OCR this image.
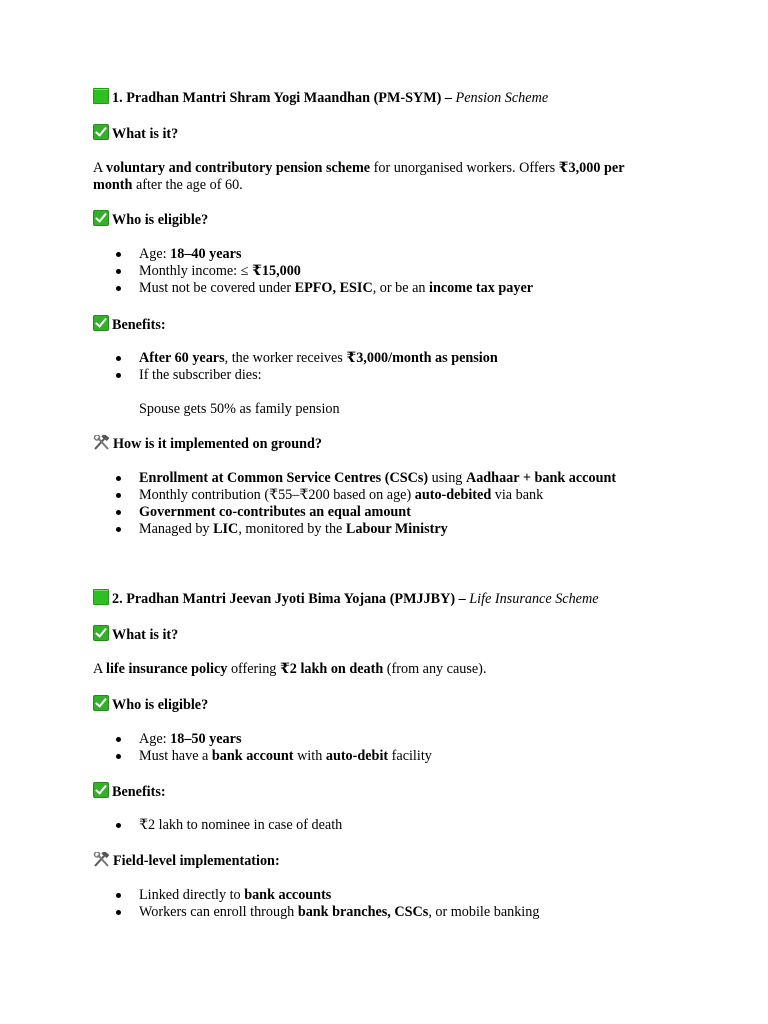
1. Pradhan Mantri Shram Yogi Maandhan (PM-SYM) – Pension Scheme
What is it?
A voluntary and contributory pension scheme for unorganised workers. Offers ₹3,000 per
month after the age of 60.
Who is eligible?
Age: 18–40 years
Monthly income: ≤ ₹15,000
Must not be covered under EPFO, ESIC, or be an income tax payer
Benefits:
After 60 years, the worker receives ₹3,000/month as pension
If the subscriber dies:
Spouse gets 50% as family pension
How is it implemented on ground?
Enrollment at Common Service Centres (CSCs) using Aadhaar + bank account
Monthly contribution (₹55–₹200 based on age) auto-debited via bank
Government co-contributes an equal amount
Managed by LIC, monitored by the Labour Ministry
2. Pradhan Mantri Jeevan Jyoti Bima Yojana (PMJJBY) – Life Insurance Scheme
What is it?
A life insurance policy offering ₹2 lakh on death (from any cause).
Who is eligible?
Age: 18–50 years
Must have a bank account with auto-debit facility
Benefits:
₹2 lakh to nominee in case of death
Field-level implementation:
Linked directly to bank accounts
Workers can enroll through bank branches, CSCs, or mobile banking
